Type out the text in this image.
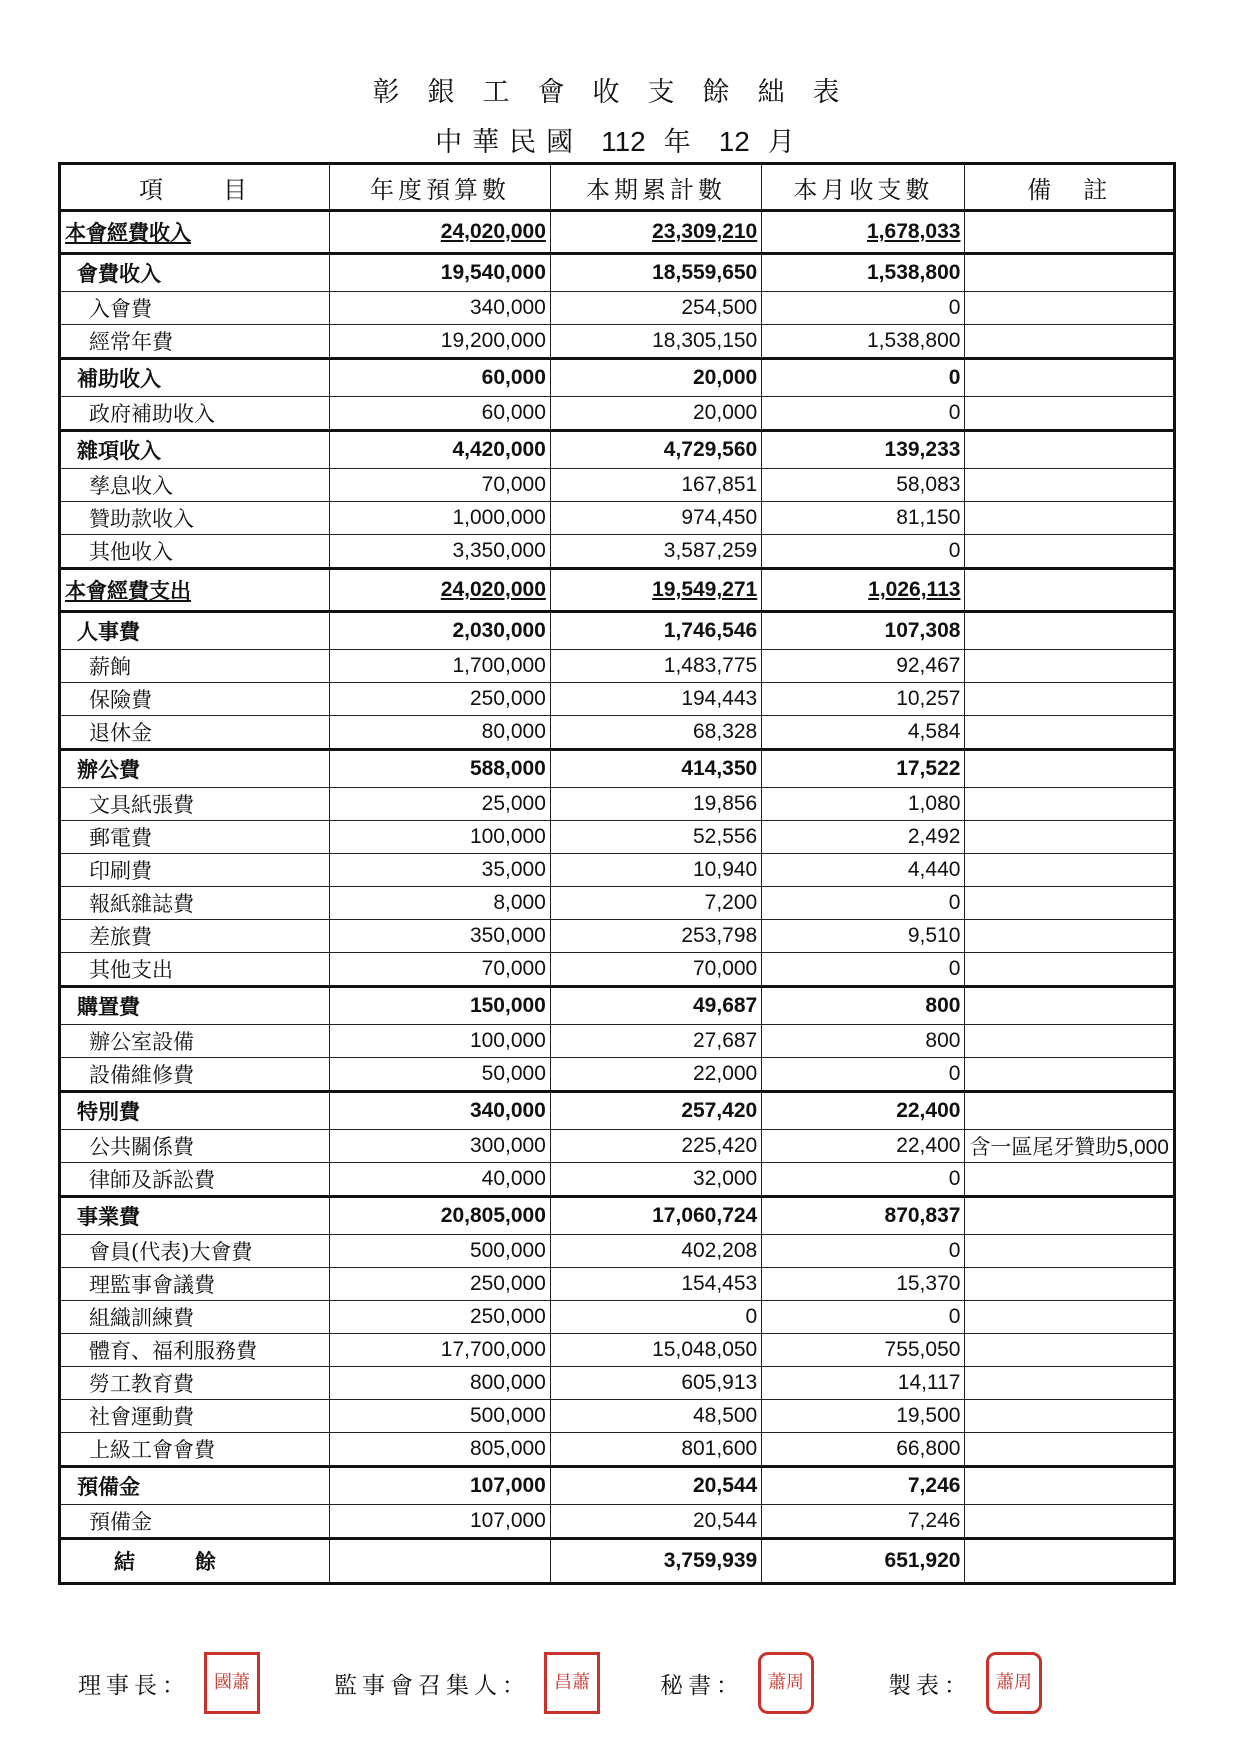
彰銀工會收支餘絀表
中華民國 112 年 12 月
項　　目	年度預算數	本期累計數	本月收支數	備　註
本會經費收入	24,020,000	23,309,210	1,678,033	
會費收入	19,540,000	18,559,650	1,538,800	
入會費	340,000	254,500	0	
經常年費	19,200,000	18,305,150	1,538,800	
補助收入	60,000	20,000	0	
政府補助收入	60,000	20,000	0	
雜項收入	4,420,000	4,729,560	139,233	
孳息收入	70,000	167,851	58,083	
贊助款收入	1,000,000	974,450	81,150	
其他收入	3,350,000	3,587,259	0	
本會經費支出	24,020,000	19,549,271	1,026,113	
人事費	2,030,000	1,746,546	107,308	
薪餉	1,700,000	1,483,775	92,467	
保險費	250,000	194,443	10,257	
退休金	80,000	68,328	4,584	
辦公費	588,000	414,350	17,522	
文具紙張費	25,000	19,856	1,080	
郵電費	100,000	52,556	2,492	
印刷費	35,000	10,940	4,440	
報紙雜誌費	8,000	7,200	0	
差旅費	350,000	253,798	9,510	
其他支出	70,000	70,000	0	
購置費	150,000	49,687	800	
辦公室設備	100,000	27,687	800	
設備維修費	50,000	22,000	0	
特別費	340,000	257,420	22,400	
公共關係費	300,000	225,420	22,400	含一區尾牙贊助5,000
律師及訴訟費	40,000	32,000	0	
事業費	20,805,000	17,060,724	870,837	
會員(代表)大會費	500,000	402,208	0	
理監事會議費	250,000	154,453	15,370	
組織訓練費	250,000	0	0	
體育、福利服務費	17,700,000	15,048,050	755,050	
勞工教育費	800,000	605,913	14,117	
社會運動費	500,000	48,500	19,500	
上級工會會費	805,000	801,600	66,800	
預備金	107,000	20,544	7,246	
預備金	107,000	20,544	7,246	
結餘		3,759,939	651,920	
理事長：	國蕭	監事會召集人：	昌蕭	秘書：	蕭周	製表：	蕭周
